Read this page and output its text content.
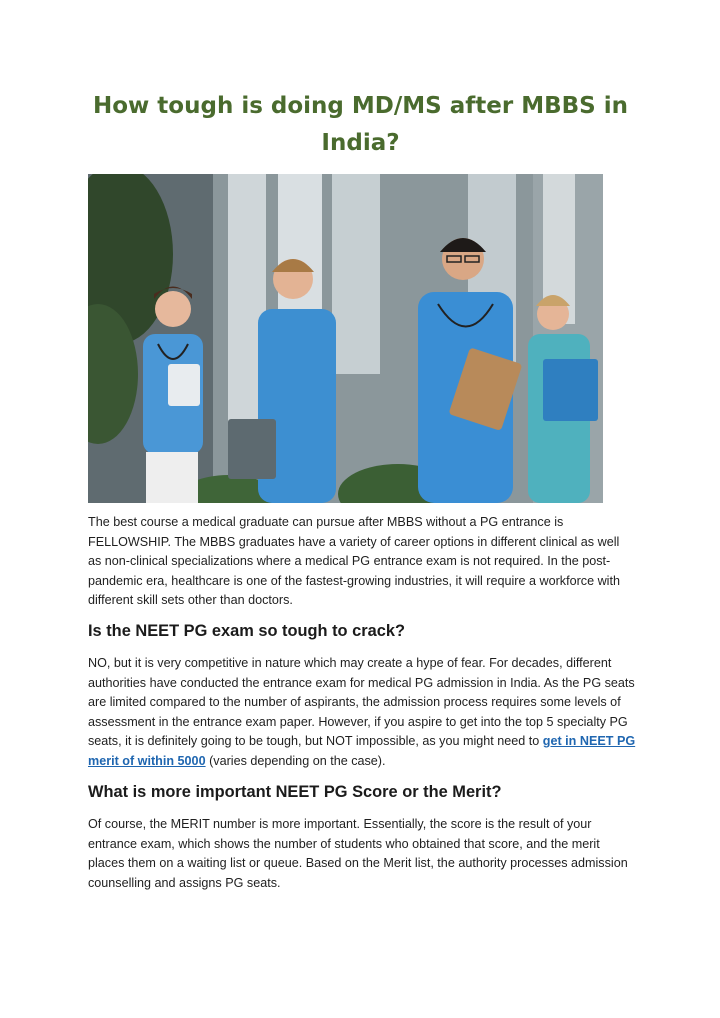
How tough is doing MD/MS after MBBS in India?

The best course a medical graduate can pursue after MBBS without a PG entrance is FELLOWSHIP. The MBBS graduates have a variety of career options in different clinical as well as non-clinical specializations where a medical PG entrance exam is not required. In the post-pandemic era, healthcare is one of the fastest-growing industries, it will require a workforce with different skill sets other than doctors.

Is the NEET PG exam so tough to crack?

NO, but it is very competitive in nature which may create a hype of fear. For decades, different authorities have conducted the entrance exam for medical PG admission in India. As the PG seats are limited compared to the number of aspirants, the admission process requires some levels of assessment in the entrance exam paper. However, if you aspire to get into the top 5 specialty PG seats, it is definitely going to be tough, but NOT impossible, as you might need to get in NEET PG merit of within 5000 (varies depending on the case).

What is more important NEET PG Score or the Merit?

Of course, the MERIT number is more important. Essentially, the score is the result of your entrance exam, which shows the number of students who obtained that score, and the merit places them on a waiting list or queue. Based on the Merit list, the authority processes admission counselling and assigns PG seats.
